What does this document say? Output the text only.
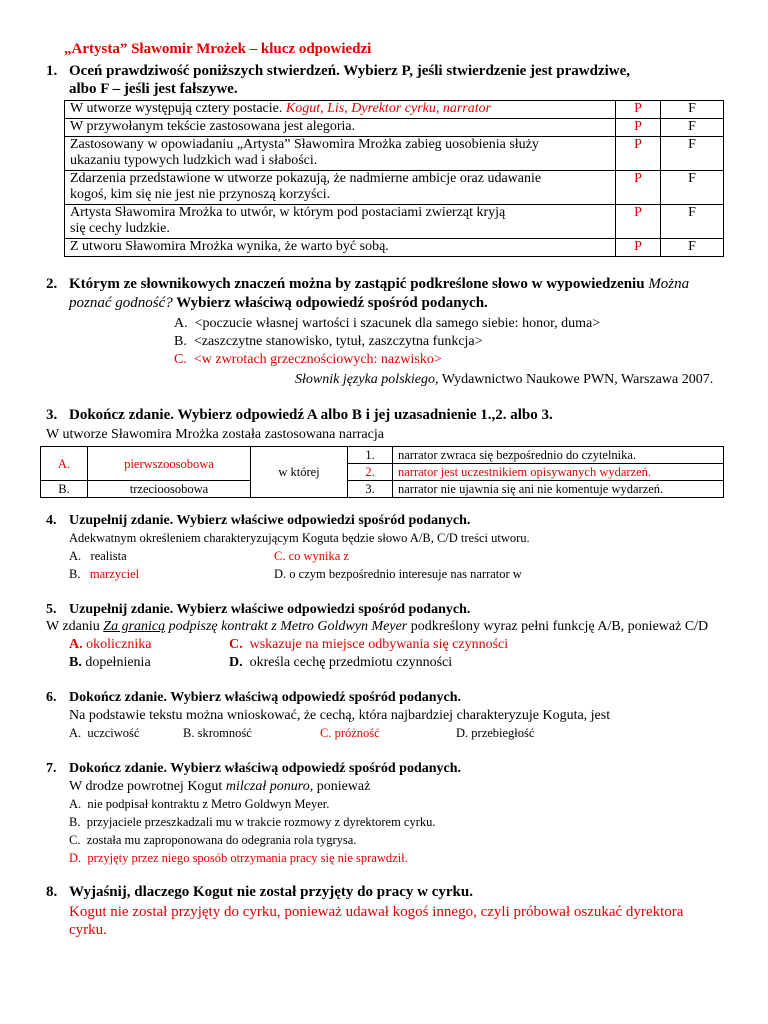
„Artysta” Sławomir Mrożek – klucz odpowiedzi
1. Oceń prawdziwość poniższych stwierdzeń. Wybierz P, jeśli stwierdzenie jest prawdziwe,
albo F – jeśli jest fałszywe.
W utworze występują cztery postacie. Kogut, Lis, Dyrektor cyrku, narrator	P	F
W przywołanym tekście zastosowana jest alegoria.	P	F

Zastosowany w opowiadaniu „Artysta” Sławomira Mrożka zabieg uosobienia służy
ukazaniu typowych ludzkich wad i słabości.	P	F

Zdarzenia przedstawione w utworze pokazują, że nadmierne ambicje oraz udawanie
kogoś, kim się nie jest nie przynoszą korzyści.	P	F

Artysta Sławomira Mrożka to utwór, w którym pod postaciami zwierząt kryją
się cechy ludzkie.	P	F
Z utworu Sławomira Mrożka wynika, że warto być sobą.	P	F
2. Którym ze słownikowych znaczeń można by zastąpić podkreślone słowo w wypowiedzeniu Można
poznać godność? Wybierz właściwą odpowiedź spośród podanych.
A. <poczucie własnej wartości i szacunek dla samego siebie: honor, duma>
B. <zaszczytne stanowisko, tytuł, zaszczytna funkcja>
C. <w zwrotach grzecznościowych: nazwisko>
Słownik języka polskiego, Wydawnictwo Naukowe PWN, Warszawa 2007.
3. Dokończ zdanie. Wybierz odpowiedź A albo B i jej uzasadnienie 1.,2. albo 3.
W utworze Sławomira Mrożka została zastosowana narracja
A.	pierwszoosobowa	w której	1.	narrator zwraca się bezpośrednio do czytelnika.
			2.	narrator jest uczestnikiem opisywanych wydarzeń.
B.	trzecioosobowa		3.	narrator nie ujawnia się ani nie komentuje wydarzeń.
4. Uzupełnij zdanie. Wybierz właściwe odpowiedzi spośród podanych.
Adekwatnym określeniem charakteryzującym Koguta będzie słowo A/B, C/D treści utworu.
A. realista	C. co wynika z
B. marzyciel	D. o czym bezpośrednio interesuje nas narrator w
5. Uzupełnij zdanie. Wybierz właściwe odpowiedzi spośród podanych.
W zdaniu Za granicą podpiszę kontrakt z Metro Goldwyn Meyer podkreślony wyraz pełni funkcję A/B, ponieważ C/D
A. okolicznika	C. wskazuje na miejsce odbywania się czynności
B. dopełnienia	D. określa cechę przedmiotu czynności
6. Dokończ zdanie. Wybierz właściwą odpowiedź spośród podanych.
Na podstawie tekstu można wnioskować, że cechą, która najbardziej charakteryzuje Koguta, jest
A. uczciwość	B. skromność	C. próżność	D. przebiegłość
7. Dokończ zdanie. Wybierz właściwą odpowiedź spośród podanych.
W drodze powrotnej Kogut milczał ponuro, ponieważ
A. nie podpisał kontraktu z Metro Goldwyn Meyer.
B. przyjaciele przeszkadzali mu w trakcie rozmowy z dyrektorem cyrku.
C. została mu zaproponowana do odegrania rola tygrysa.
D. przyjęty przez niego sposób otrzymania pracy się nie sprawdził.
8. Wyjaśnij, dlaczego Kogut nie został przyjęty do pracy w cyrku.
Kogut nie został przyjęty do cyrku, ponieważ udawał kogoś innego, czyli próbował oszukać dyrektora
cyrku.
